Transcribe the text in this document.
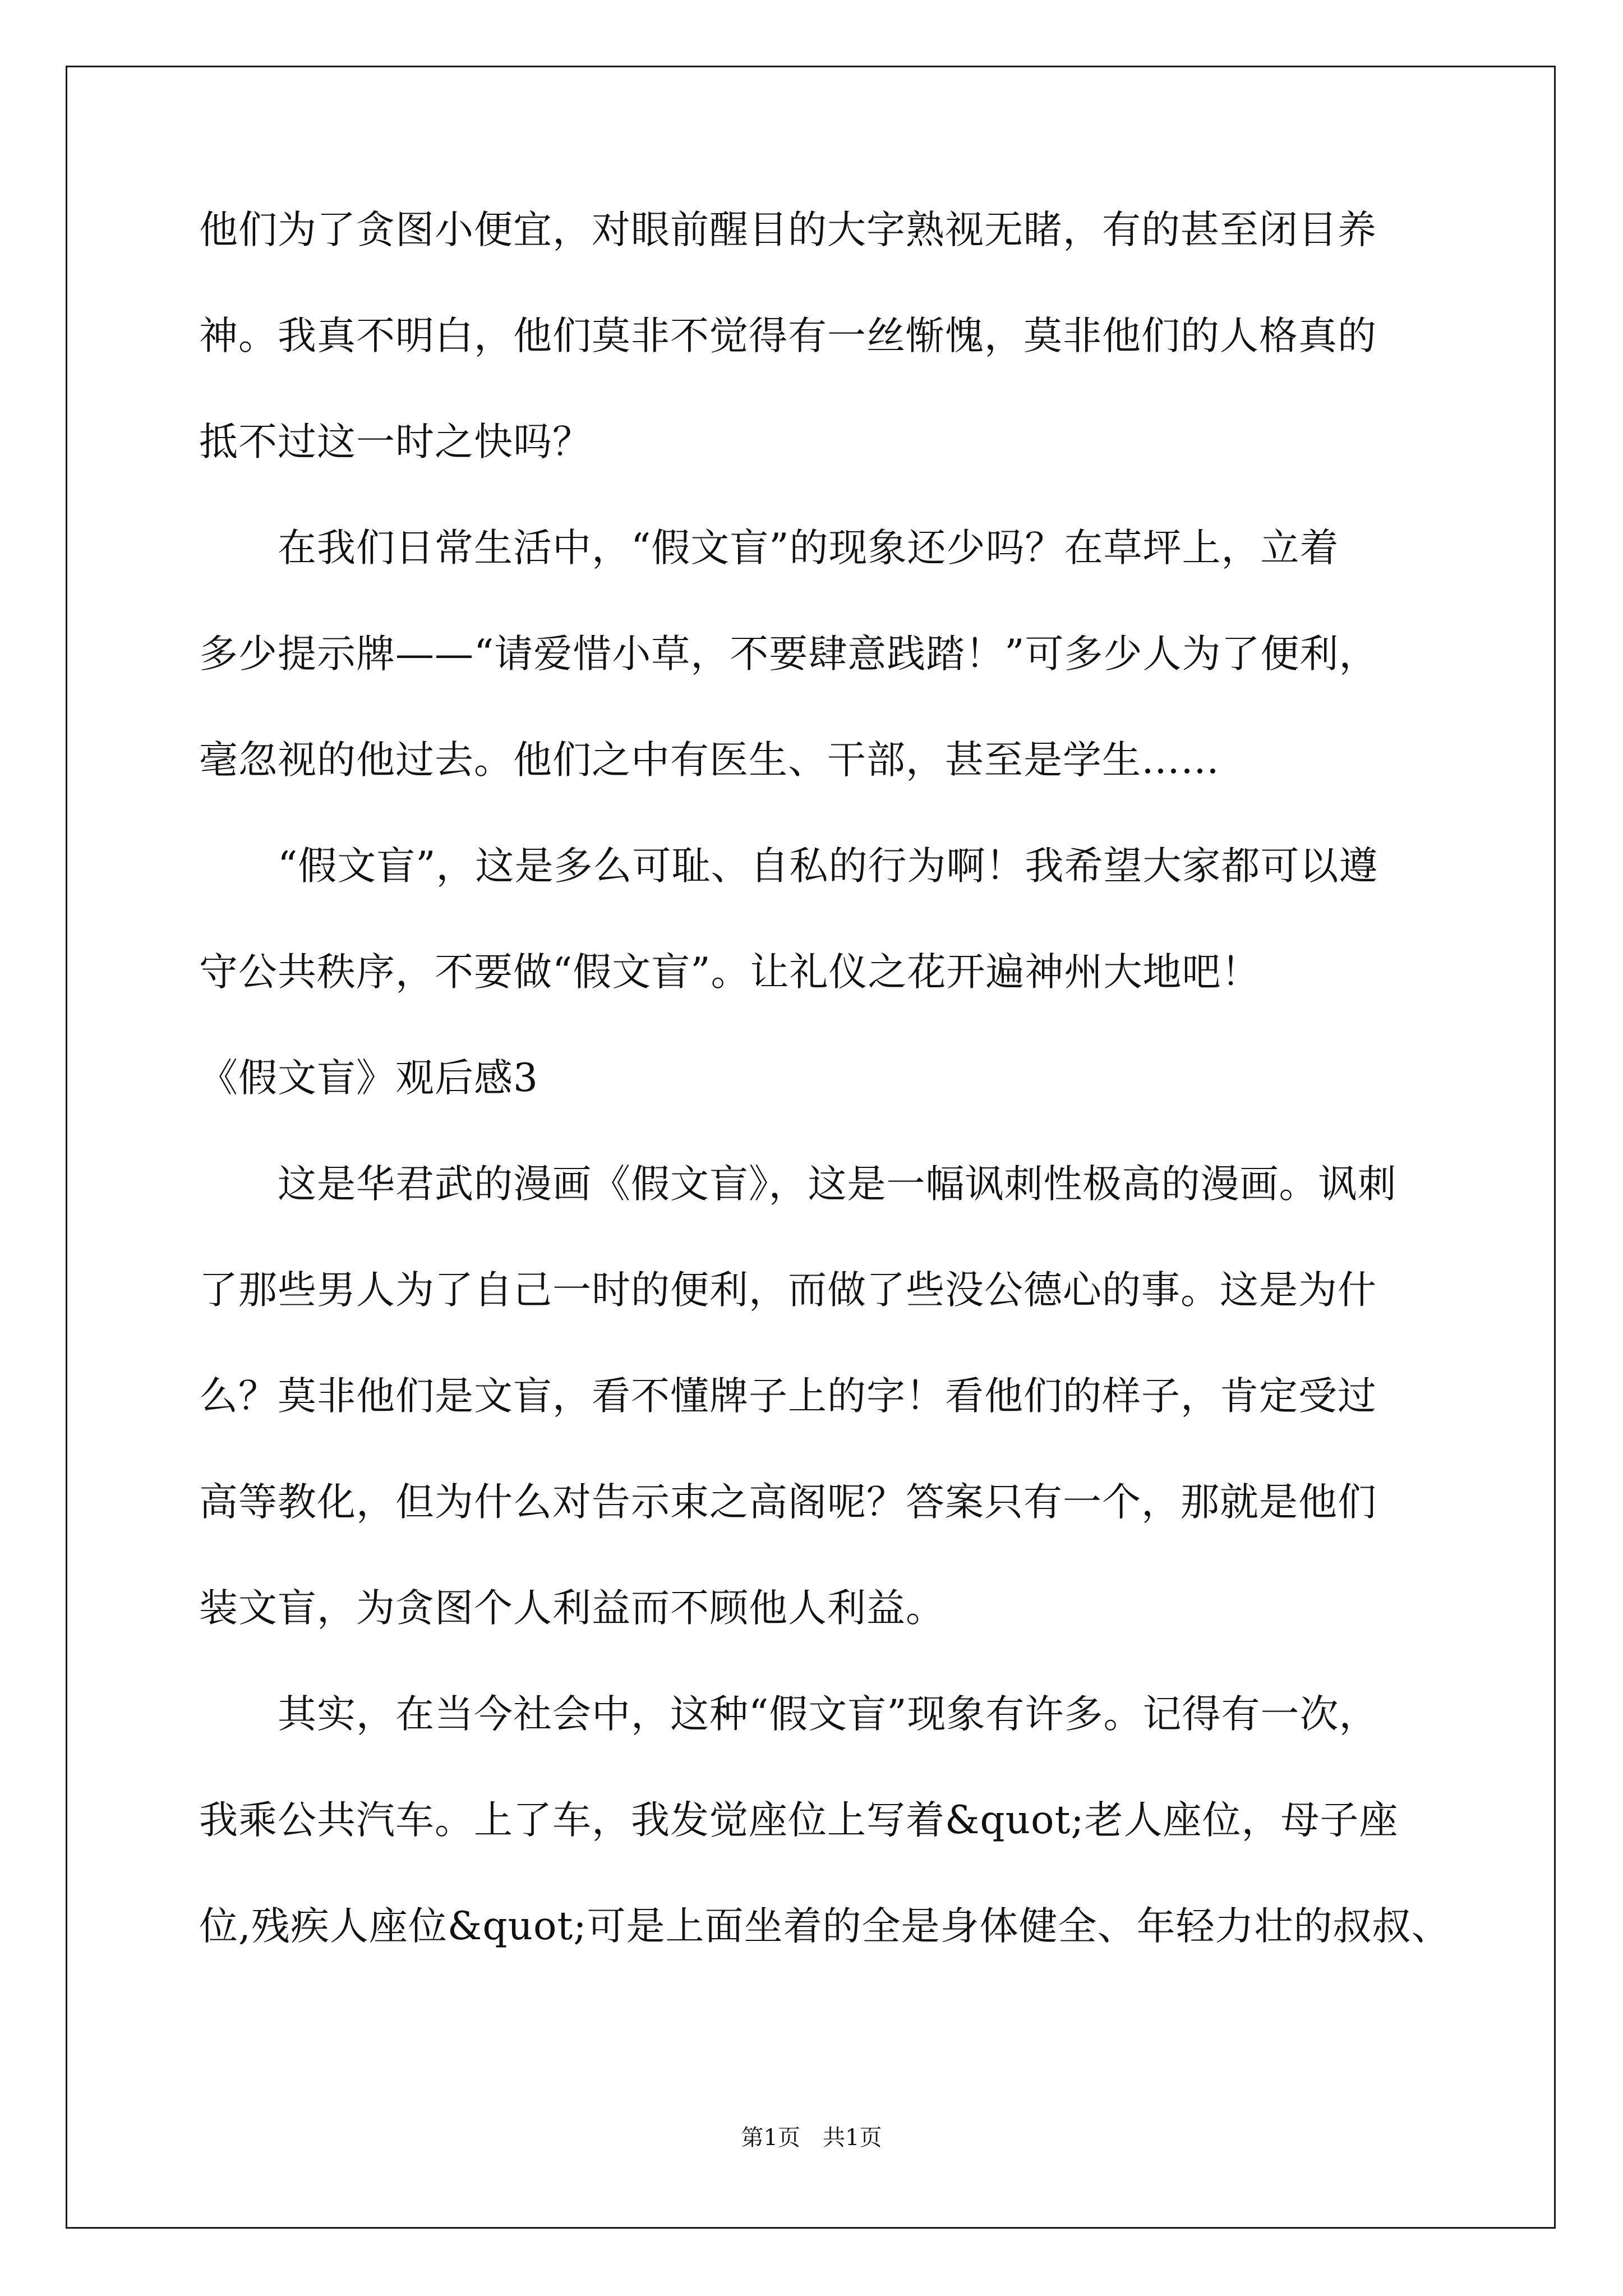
他们为了贪图小便宜，对眼前醒目的大字熟视无睹，有的甚至闭目养
神。我真不明白，他们莫非不觉得有一丝惭愧，莫非他们的人格真的
抵不过这一时之快吗？
　　在我们日常生活中，“假文盲”的现象还少吗？在草坪上，立着
多少提示牌——“请爱惜小草，不要肆意践踏！”可多少人为了便利，
毫忽视的他过去。他们之中有医生、干部，甚至是学生……
　　“假文盲”，这是多么可耻、自私的行为啊！我希望大家都可以遵
守公共秩序，不要做“假文盲”。让礼仪之花开遍神州大地吧！
《假文盲》观后感3
　　这是华君武的漫画《假文盲》，这是一幅讽刺性极高的漫画。讽刺
了那些男人为了自己一时的便利，而做了些没公德心的事。这是为什
么？莫非他们是文盲，看不懂牌子上的字！看他们的样子，肯定受过
高等教化，但为什么对告示束之高阁呢？答案只有一个，那就是他们
装文盲，为贪图个人利益而不顾他人利益。
　　其实，在当今社会中，这种“假文盲”现象有许多。记得有一次，
我乘公共汽车。上了车，我发觉座位上写着&quot;老人座位，母子座
位,残疾人座位&quot;可是上面坐着的全是身体健全、年轻力壮的叔叔、
第1页　共1页
